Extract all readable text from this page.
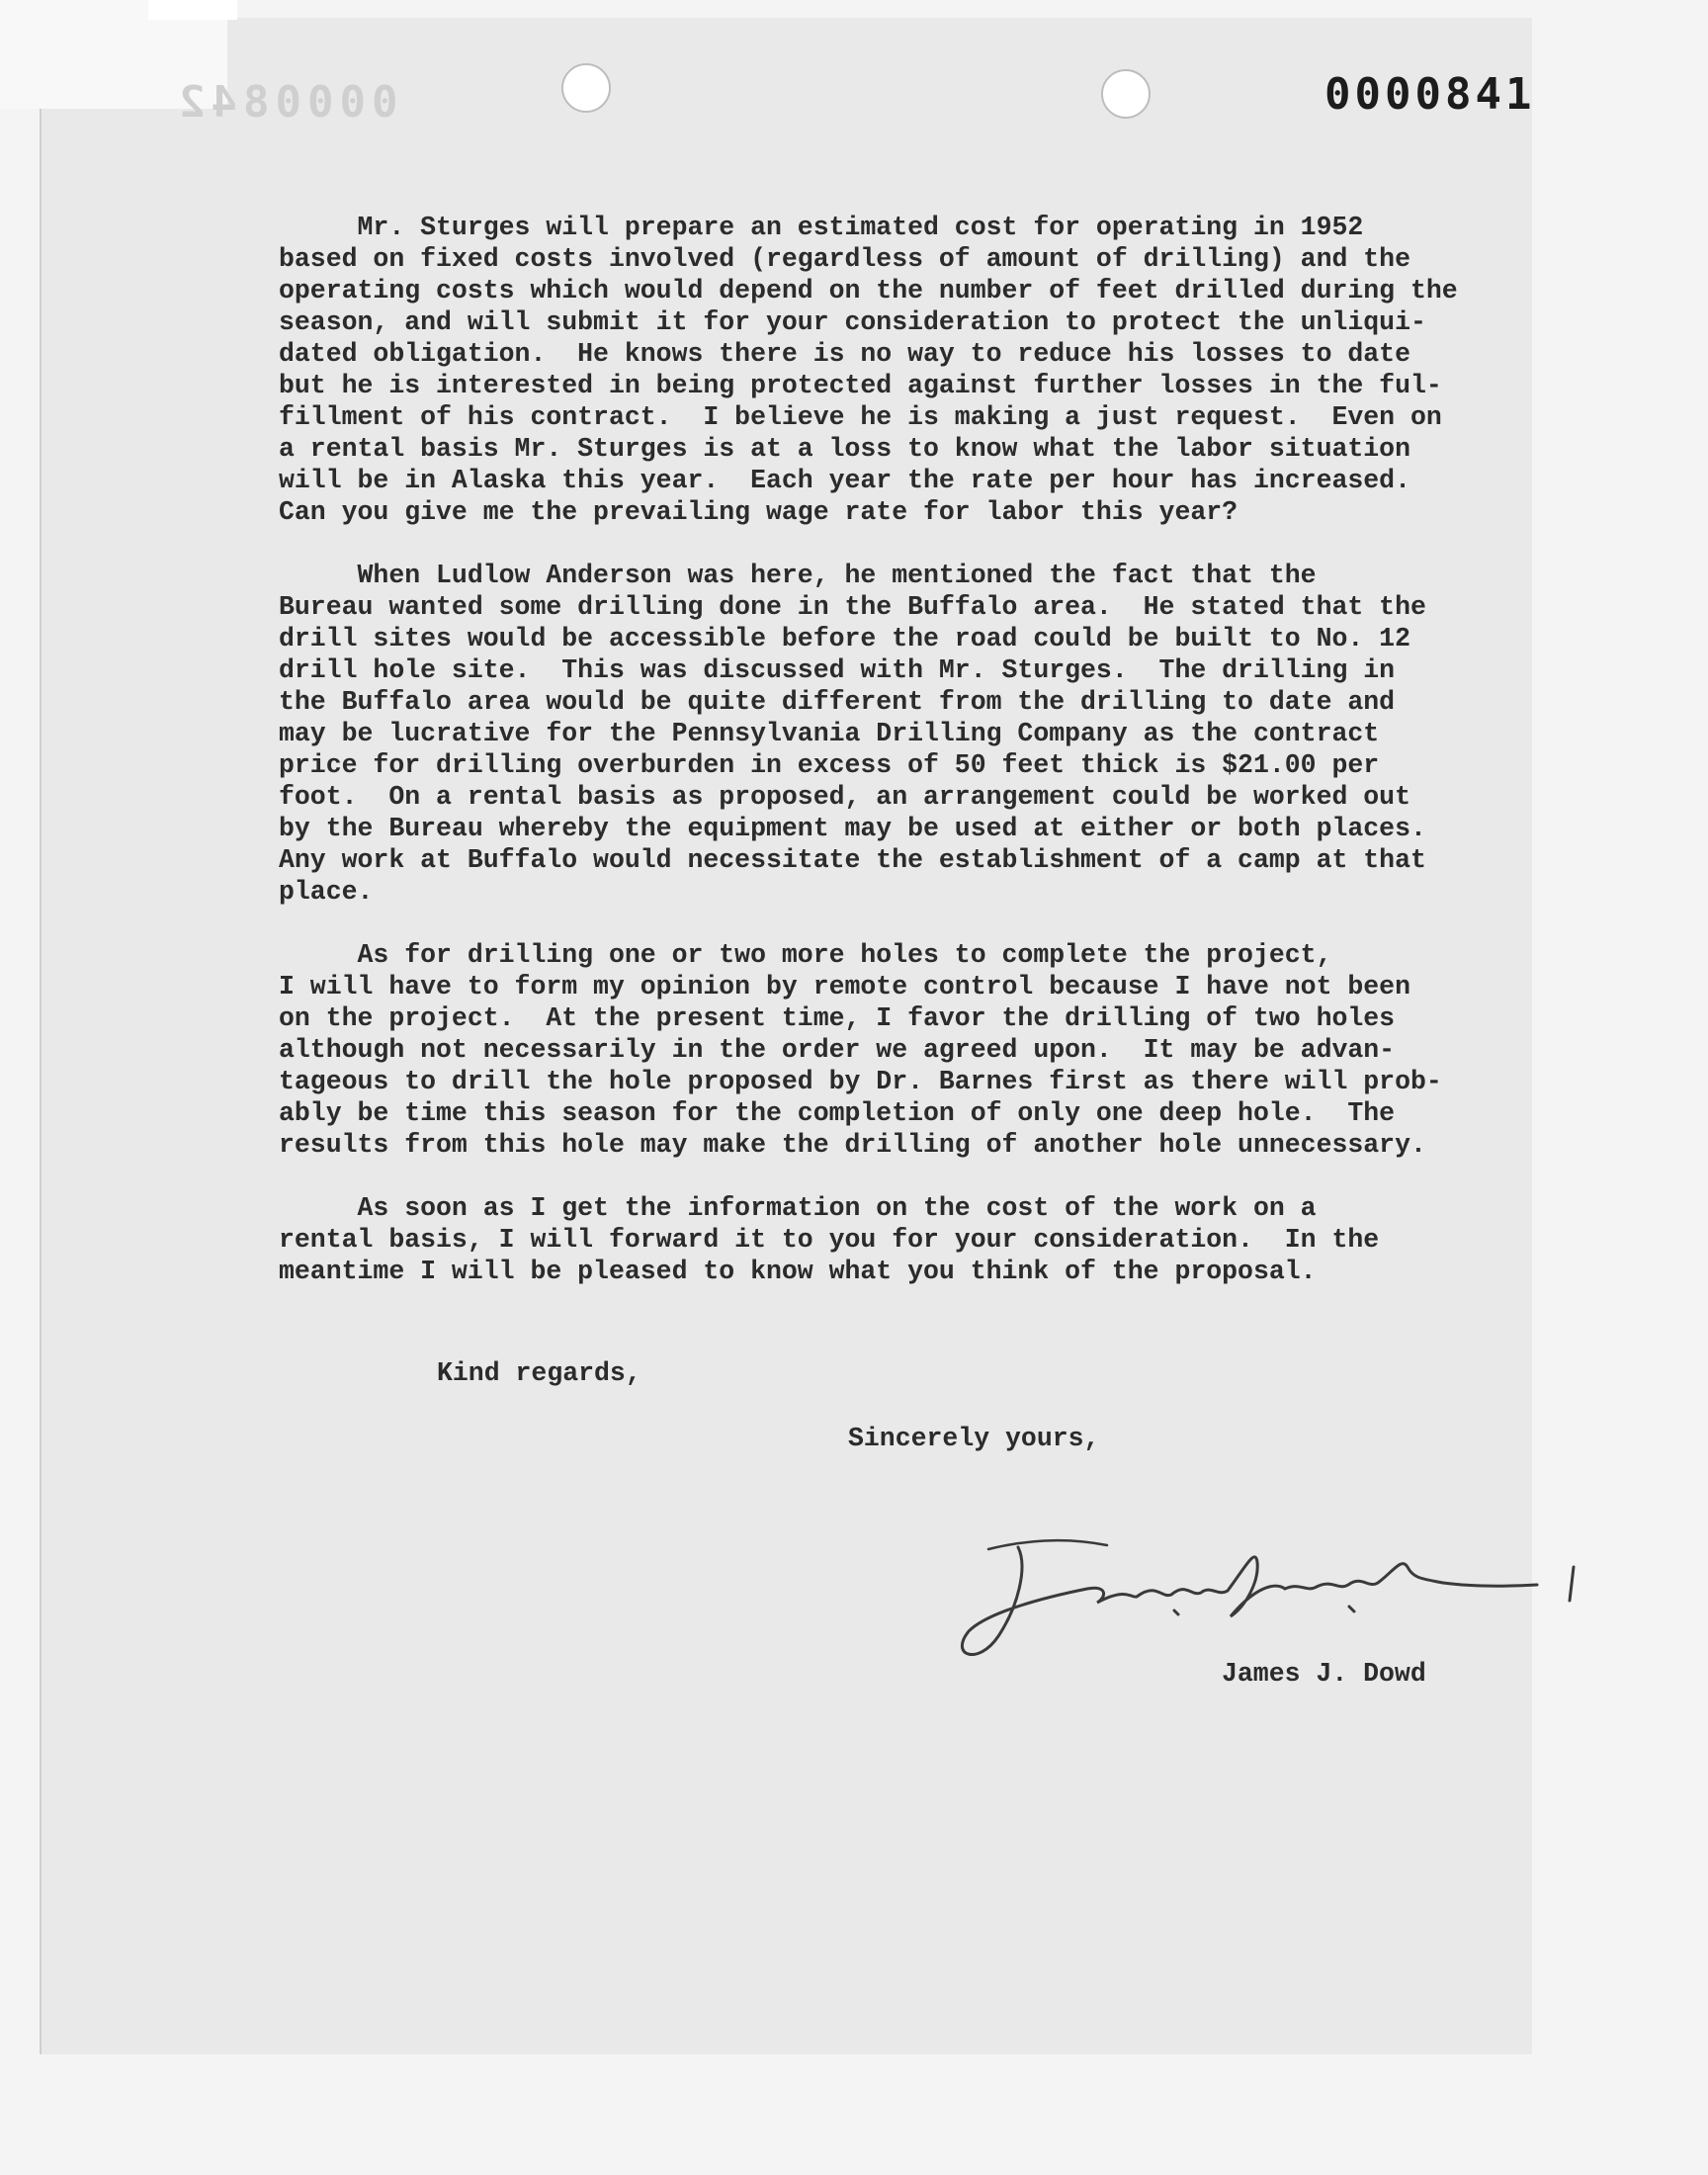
0000842	0000841
Mr. Sturges will prepare an estimated cost for operating in 1952
based on fixed costs involved (regardless of amount of drilling) and the
operating costs which would depend on the number of feet drilled during the
season, and will submit it for your consideration to protect the unliqui-
dated obligation.  He knows there is no way to reduce his losses to date
but he is interested in being protected against further losses in the ful-
fillment of his contract.  I believe he is making a just request.  Even on
a rental basis Mr. Sturges is at a loss to know what the labor situation
will be in Alaska this year.  Each year the rate per hour has increased.
Can you give me the prevailing wage rate for labor this year?
When Ludlow Anderson was here, he mentioned the fact that the
Bureau wanted some drilling done in the Buffalo area.  He stated that the
drill sites would be accessible before the road could be built to No. 12
drill hole site.  This was discussed with Mr. Sturges.  The drilling in
the Buffalo area would be quite different from the drilling to date and
may be lucrative for the Pennsylvania Drilling Company as the contract
price for drilling overburden in excess of 50 feet thick is $21.00 per
foot.  On a rental basis as proposed, an arrangement could be worked out
by the Bureau whereby the equipment may be used at either or both places.
Any work at Buffalo would necessitate the establishment of a camp at that
place.
As for drilling one or two more holes to complete the project,
I will have to form my opinion by remote control because I have not been
on the project.  At the present time, I favor the drilling of two holes
although not necessarily in the order we agreed upon.  It may be advan-
tageous to drill the hole proposed by Dr. Barnes first as there will prob-
ably be time this season for the completion of only one deep hole.  The
results from this hole may make the drilling of another hole unnecessary.
As soon as I get the information on the cost of the work on a
rental basis, I will forward it to you for your consideration.  In the
meantime I will be pleased to know what you think of the proposal.
Kind regards,
Sincerely yours,
James J. Dowd
